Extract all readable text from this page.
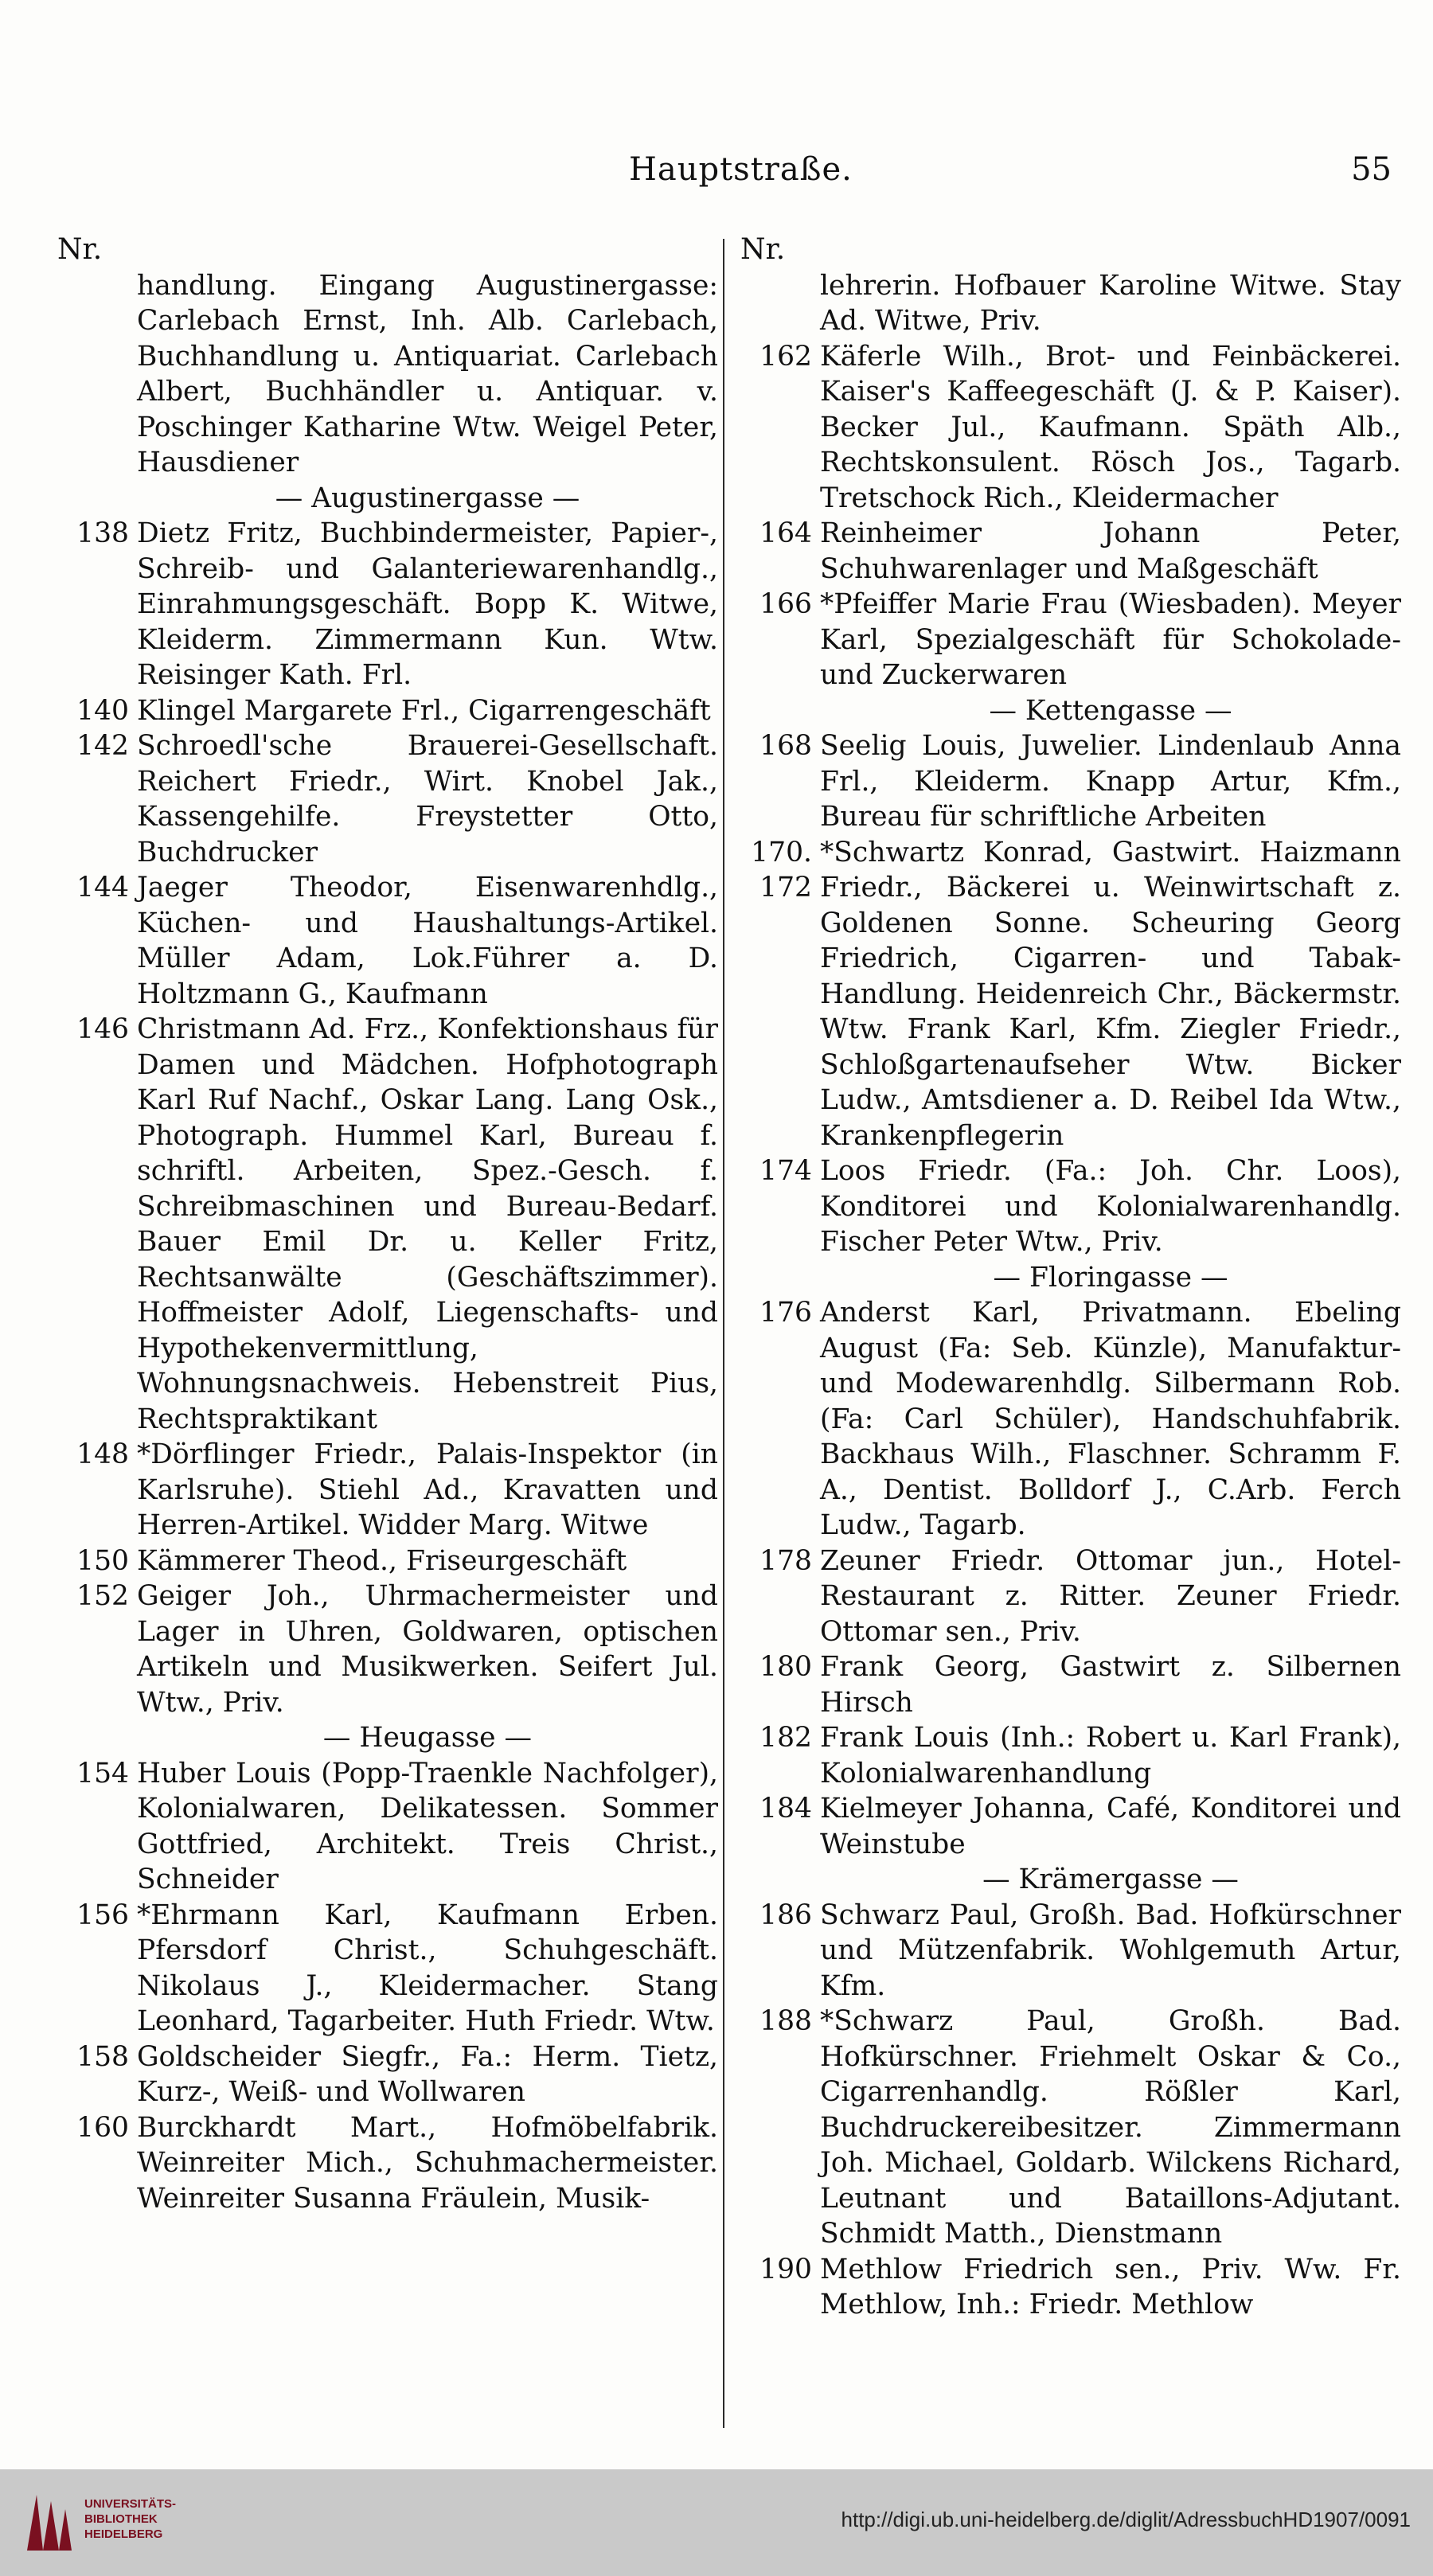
Hauptstraße.	55
Nr.
handlung. Eingang Augustinergasse: Carlebach Ernst, Inh. Alb. Carlebach, Buchhandlung u. Antiquariat. Carlebach Albert, Buchhändler u. Antiquar. v. Poschinger Katharine Wtw. Weigel Peter, Hausdiener
— Augustinergasse —
138 Dietz Fritz, Buchbindermeister, Papier-, Schreib- und Galanteriewarenhandlg., Einrahmungsgeschäft. Bopp K. Witwe, Kleiderm. Zimmermann Kun. Wtw. Reisinger Kath. Frl.
140 Klingel Margarete Frl., Cigarrengeschäft
142 Schroedl'sche Brauerei-Gesellschaft. Reichert Friedr., Wirt. Knobel Jak., Kassengehilfe. Freystetter Otto, Buchdrucker
144 Jaeger Theodor, Eisenwarenhdlg., Küchen- und Haushaltungs-Artikel. Müller Adam, Lok.Führer a. D. Holtzmann G., Kaufmann
146 Christmann Ad. Frz., Konfektionshaus für Damen und Mädchen. Hofphotograph Karl Ruf Nachf., Oskar Lang. Lang Osk., Photograph. Hummel Karl, Bureau f. schriftl. Arbeiten, Spez.-Gesch. f. Schreibmaschinen und Bureau-Bedarf. Bauer Emil Dr. u. Keller Fritz, Rechtsanwälte (Geschäftszimmer). Hoffmeister Adolf, Liegenschafts- und Hypothekenvermittlung, Wohnungsnachweis. Hebenstreit Pius, Rechtspraktikant
148 *Dörflinger Friedr., Palais-Inspektor (in Karlsruhe). Stiehl Ad., Kravatten und Herren-Artikel. Widder Marg. Witwe
150 Kämmerer Theod., Friseurgeschäft
152 Geiger Joh., Uhrmachermeister und Lager in Uhren, Goldwaren, optischen Artikeln und Musikwerken. Seifert Jul. Wtw., Priv.
— Heugasse —
154 Huber Louis (Popp-Traenkle Nachfolger), Kolonialwaren, Delikatessen. Sommer Gottfried, Architekt. Treis Christ., Schneider
156 *Ehrmann Karl, Kaufmann Erben. Pfersdorf Christ., Schuhgeschäft. Nikolaus J., Kleidermacher. Stang Leonhard, Tagarbeiter. Huth Friedr. Wtw.
158 Goldscheider Siegfr., Fa.: Herm. Tietz, Kurz-, Weiß- und Wollwaren
160 Burckhardt Mart., Hofmöbelfabrik. Weinreiter Mich., Schuhmachermeister. Weinreiter Susanna Fräulein, Musik-
Nr.
lehrerin. Hofbauer Karoline Witwe. Stay Ad. Witwe, Priv.
162 Käferle Wilh., Brot- und Feinbäckerei. Kaiser's Kaffeegeschäft (J. & P. Kaiser). Becker Jul., Kaufmann. Späth Alb., Rechtskonsulent. Rösch Jos., Tagarb. Tretschock Rich., Kleidermacher
164 Reinheimer Johann Peter, Schuhwarenlager und Maßgeschäft
166 *Pfeiffer Marie Frau (Wiesbaden). Meyer Karl, Spezialgeschäft für Schokolade- und Zuckerwaren
— Kettengasse —
168 Seelig Louis, Juwelier. Lindenlaub Anna Frl., Kleiderm. Knapp Artur, Kfm., Bureau für schriftliche Arbeiten
170. 172
*Schwartz Konrad, Gastwirt. Haizmann Friedr., Bäckerei u. Weinwirtschaft z. Goldenen Sonne. Scheuring Georg Friedrich, Cigarren- und Tabak-Handlung. Heidenreich Chr., Bäckermstr. Wtw. Frank Karl, Kfm. Ziegler Friedr., Schloßgartenaufseher Wtw. Bicker Ludw., Amtsdiener a. D. Reibel Ida Wtw., Krankenpflegerin
174 Loos Friedr. (Fa.: Joh. Chr. Loos), Konditorei und Kolonialwarenhandlg. Fischer Peter Wtw., Priv.
— Floringasse —
176 Anderst Karl, Privatmann. Ebeling August (Fa: Seb. Künzle), Manufaktur- und Modewarenhdlg. Silbermann Rob. (Fa: Carl Schüler), Handschuhfabrik. Backhaus Wilh., Flaschner. Schramm F. A., Dentist. Bolldorf J., C.Arb. Ferch Ludw., Tagarb.
178 Zeuner Friedr. Ottomar jun., Hotel-Restaurant z. Ritter. Zeuner Friedr. Ottomar sen., Priv.
180 Frank Georg, Gastwirt z. Silbernen Hirsch
182 Frank Louis (Inh.: Robert u. Karl Frank), Kolonialwarenhandlung
184 Kielmeyer Johanna, Café, Konditorei und Weinstube
— Krämergasse —
186 Schwarz Paul, Großh. Bad. Hofkürschner und Mützenfabrik. Wohlgemuth Artur, Kfm.
188 *Schwarz Paul, Großh. Bad. Hofkürschner. Friehmelt Oskar & Co., Cigarrenhandlg. Rößler Karl, Buchdruckereibesitzer. Zimmermann Joh. Michael, Goldarb. Wilckens Richard, Leutnant und Bataillons-Adjutant. Schmidt Matth., Dienstmann
190 Methlow Friedrich sen., Priv. Ww. Fr. Methlow, Inh.: Friedr. Methlow
UNIVERSITÄTS-
BIBLIOTHEK
HEIDELBERG
http://digi.ub.uni-heidelberg.de/diglit/AdressbuchHD1907/0091
